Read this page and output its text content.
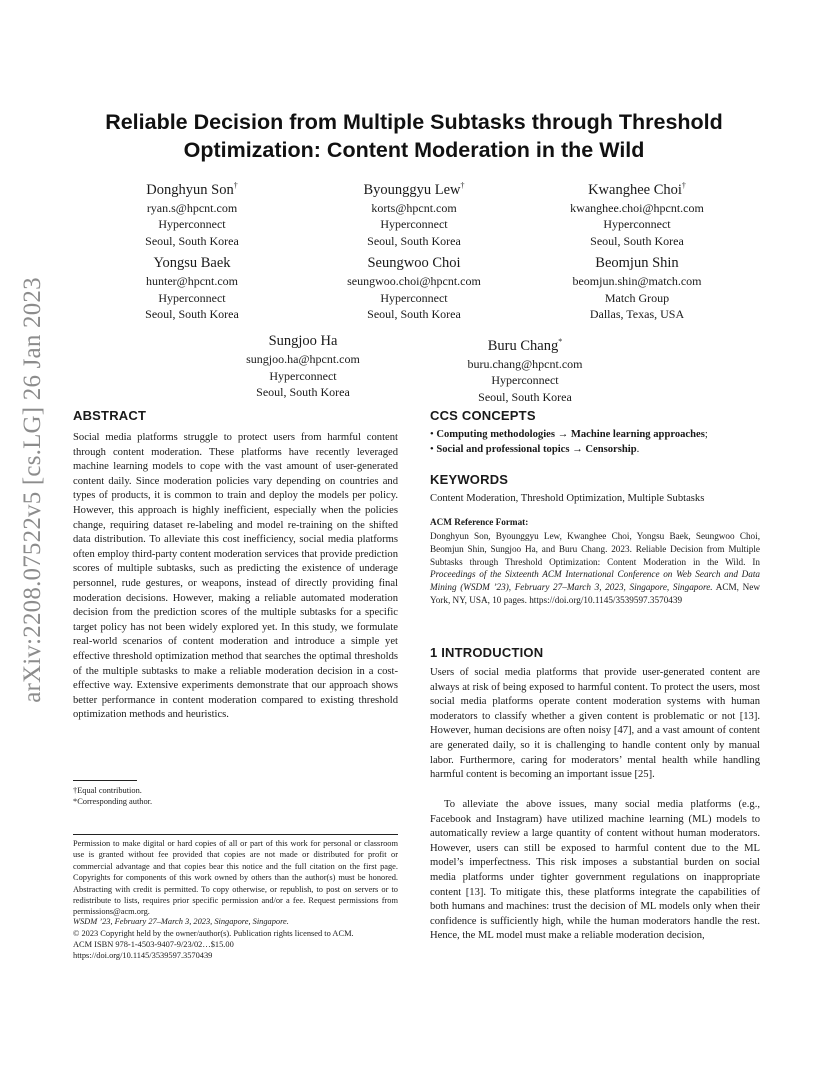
arXiv:2208.07522v5 [cs.LG] 26 Jan 2023
Reliable Decision from Multiple Subtasks through Threshold
Optimization: Content Moderation in the Wild
Donghyun Son†
ryan.s@hpcnt.com
Hyperconnect
Seoul, South Korea
Byounggyu Lew†
korts@hpcnt.com
Hyperconnect
Seoul, South Korea
Kwanghee Choi†
kwanghee.choi@hpcnt.com
Hyperconnect
Seoul, South Korea
Yongsu Baek
hunter@hpcnt.com
Hyperconnect
Seoul, South Korea
Seungwoo Choi
seungwoo.choi@hpcnt.com
Hyperconnect
Seoul, South Korea
Beomjun Shin
beomjun.shin@match.com
Match Group
Dallas, Texas, USA
Sungjoo Ha
sungjoo.ha@hpcnt.com
Hyperconnect
Seoul, South Korea
Buru Chang*
buru.chang@hpcnt.com
Hyperconnect
Seoul, South Korea
ABSTRACT
Social media platforms struggle to protect users from harmful content through content moderation. These platforms have recently leveraged machine learning models to cope with the vast amount of user-generated content daily. Since moderation policies vary depending on countries and types of products, it is common to train and deploy the models per policy. However, this approach is highly inefficient, especially when the policies change, requiring dataset re-labeling and model re-training on the shifted data distribution. To alleviate this cost inefficiency, social media platforms often employ third-party content moderation services that provide prediction scores of multiple subtasks, such as predicting the existence of underage personnel, rude gestures, or weapons, instead of directly providing final moderation decisions. However, making a reliable automated moderation decision from the prediction scores of the multiple subtasks for a specific target policy has not been widely explored yet. In this study, we formulate real-world scenarios of content moderation and introduce a simple yet effective threshold optimization method that searches the optimal thresholds of the multiple subtasks to make a reliable moderation decision in a cost-effective way. Extensive experiments demonstrate that our approach shows better performance in content moderation compared to existing threshold optimization methods and heuristics.
†Equal contribution.
*Corresponding author.
Permission to make digital or hard copies of all or part of this work for personal or classroom use is granted without fee provided that copies are not made or distributed for profit or commercial advantage and that copies bear this notice and the full citation on the first page. Copyrights for components of this work owned by others than the author(s) must be honored. Abstracting with credit is permitted. To copy otherwise, or republish, to post on servers or to redistribute to lists, requires prior specific permission and/or a fee. Request permissions from permissions@acm.org.
WSDM ’23, February 27–March 3, 2023, Singapore, Singapore.
© 2023 Copyright held by the owner/author(s). Publication rights licensed to ACM.
ACM ISBN 978-1-4503-9407-9/23/02…$15.00
https://doi.org/10.1145/3539597.3570439
CCS CONCEPTS
• Computing methodologies → Machine learning approaches;
• Social and professional topics → Censorship.
KEYWORDS
Content Moderation, Threshold Optimization, Multiple Subtasks
ACM Reference Format:
Donghyun Son, Byounggyu Lew, Kwanghee Choi, Yongsu Baek, Seungwoo Choi, Beomjun Shin, Sungjoo Ha, and Buru Chang. 2023. Reliable Decision from Multiple Subtasks through Threshold Optimization: Content Moderation in the Wild. In Proceedings of the Sixteenth ACM International Conference on Web Search and Data Mining (WSDM ’23), February 27–March 3, 2023, Singapore, Singapore. ACM, New York, NY, USA, 10 pages. https://doi.org/10.1145/3539597.3570439
1 INTRODUCTION
Users of social media platforms that provide user-generated content are always at risk of being exposed to harmful content. To protect the users, most social media platforms operate content moderation systems with human moderators to classify whether a given content is problematic or not [13]. However, human decisions are often noisy [47], and a vast amount of content are generated daily, so it is challenging to handle content only by manual labor. Furthermore, caring for moderators’ mental health while handling harmful content is becoming an important issue [25].
To alleviate the above issues, many social media platforms (e.g., Facebook and Instagram) have utilized machine learning (ML) models to automatically review a large quantity of content without human moderators. However, users can still be exposed to harmful content due to the ML model’s imperfectness. This risk imposes a substantial burden on social media platforms under tighter government regulations on inappropriate content [13]. To mitigate this, these platforms integrate the capabilities of both humans and machines: trust the decision of ML models only when their confidence is sufficiently high, while the human moderators handle the rest. Hence, the ML model must make a reliable moderation decision,
